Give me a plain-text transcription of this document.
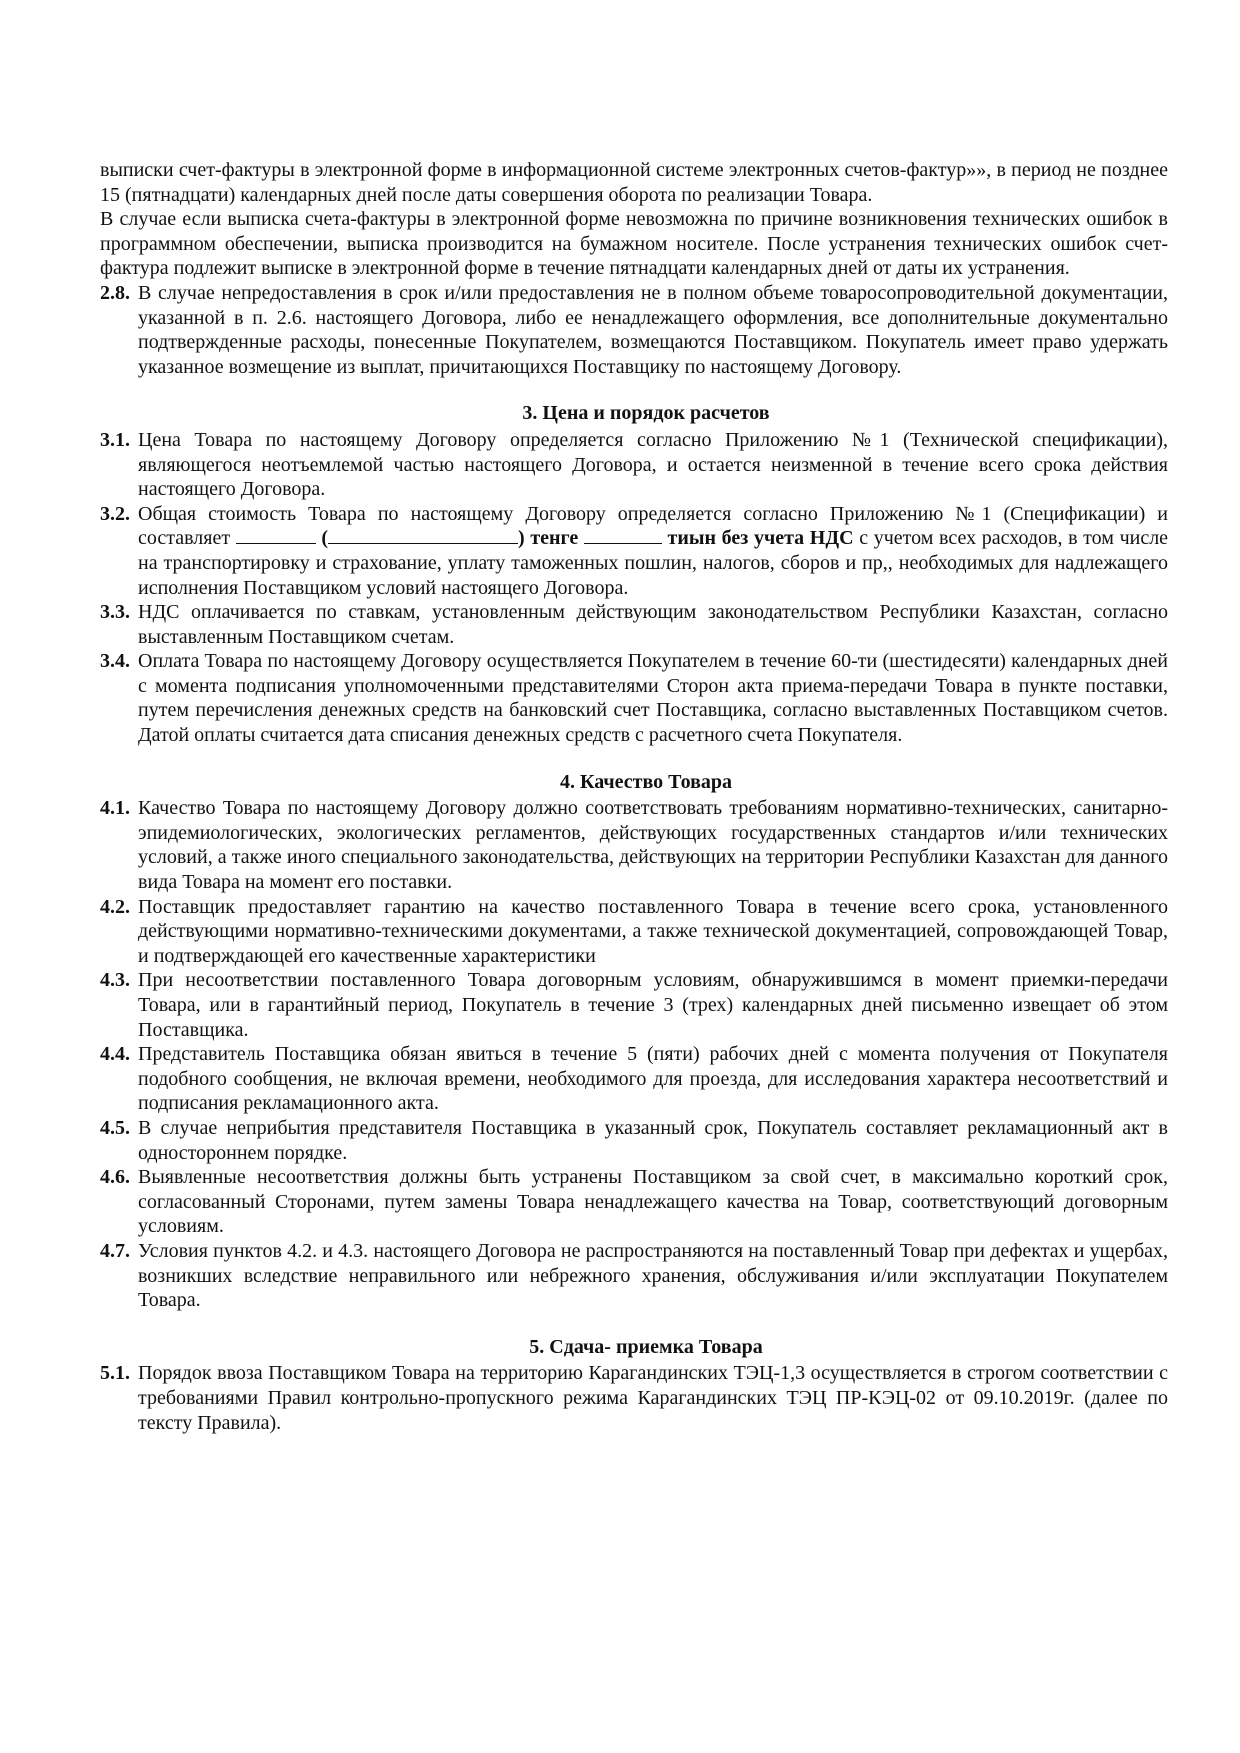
выписки счет-фактуры в электронной форме в информационной системе электронных счетов-фактур»», в период не позднее 15 (пятнадцати) календарных дней после даты совершения оборота по реализации Товара.

В случае если выписка счета-фактуры в электронной форме невозможна по причине возникновения технических ошибок в программном обеспечении, выписка производится на бумажном носителе. После устранения технических ошибок счет-фактура подлежит выписке в электронной форме в течение пятнадцати календарных дней от даты их устранения.

2.8. В случае непредоставления в срок и/или предоставления не в полном объеме товаросопроводительной документации, указанной в п. 2.6. настоящего Договора, либо ее ненадлежащего оформления, все дополнительные документально подтвержденные расходы, понесенные Покупателем, возмещаются Поставщиком. Покупатель имеет право удержать указанное возмещение из выплат, причитающихся Поставщику по настоящему Договору.
3. Цена и порядок расчетов
3.1. Цена Товара по настоящему Договору определяется согласно Приложению №1 (Технической спецификации), являющегося неотъемлемой частью настоящего Договора, и остается неизменной в течение всего срока действия настоящего Договора.
3.2. Общая стоимость Товара по настоящему Договору определяется согласно Приложению №1 (Спецификации) и составляет	(	) тенге	тиын без учета НДС с учетом всех расходов, в том числе на транспортировку и страхование, уплату таможенных пошлин, налогов, сборов и пр,, необходимых для надлежащего исполнения Поставщиком условий настоящего Договора.
3.3. НДС оплачивается по ставкам, установленным действующим законодательством Республики Казахстан, согласно выставленным Поставщиком счетам.
3.4. Оплата Товара по настоящему Договору осуществляется Покупателем в течение 60-ти (шестидесяти) календарных дней с момента подписания уполномоченными представителями Сторон акта приема-передачи Товара в пункте поставки, путем перечисления денежных средств на банковский счет Поставщика, согласно выставленных Поставщиком счетов. Датой оплаты считается дата списания денежных средств с расчетного счета Покупателя.
4. Качество Товара
4.1. Качество Товара по настоящему Договору должно соответствовать требованиям нормативно-технических, санитарно-эпидемиологических, экологических регламентов, действующих государственных стандартов и/или технических условий, а также иного специального законодательства, действующих на территории Республики Казахстан для данного вида Товара на момент его поставки.
4.2. Поставщик предоставляет гарантию на качество поставленного Товара в течение всего срока, установленного действующими нормативно-техническими документами, а также технической документацией, сопровождающей Товар, и подтверждающей его качественные характеристики
4.3. При несоответствии поставленного Товара договорным условиям, обнаружившимся в момент приемки-передачи Товара, или в гарантийный период, Покупатель в течение 3 (трех) календарных дней письменно извещает об этом Поставщика.
4.4. Представитель Поставщика обязан явиться в течение 5 (пяти) рабочих дней с момента получения от Покупателя подобного сообщения, не включая времени, необходимого для проезда, для исследования характера несоответствий и подписания рекламационного акта.
4.5. В случае неприбытия представителя Поставщика в указанный срок, Покупатель составляет рекламационный акт в одностороннем порядке.
4.6. Выявленные несоответствия должны быть устранены Поставщиком за свой счет, в максимально короткий срок, согласованный Сторонами, путем замены Товара ненадлежащего качества на Товар, соответствующий договорным условиям.
4.7. Условия пунктов 4.2. и 4.3. настоящего Договора не распространяются на поставленный Товар при дефектах и ущербах, возникших вследствие неправильного или небрежного хранения, обслуживания и/или эксплуатации Покупателем Товара.
5. Сдача- приемка Товара
5.1. Порядок ввоза Поставщиком Товара на территорию Карагандинских ТЭЦ-1,3 осуществляется в строгом соответствии с требованиями Правил контрольно-пропускного режима Карагандинских ТЭЦ ПР-КЭЦ-02 от 09.10.2019г. (далее по тексту Правила).
